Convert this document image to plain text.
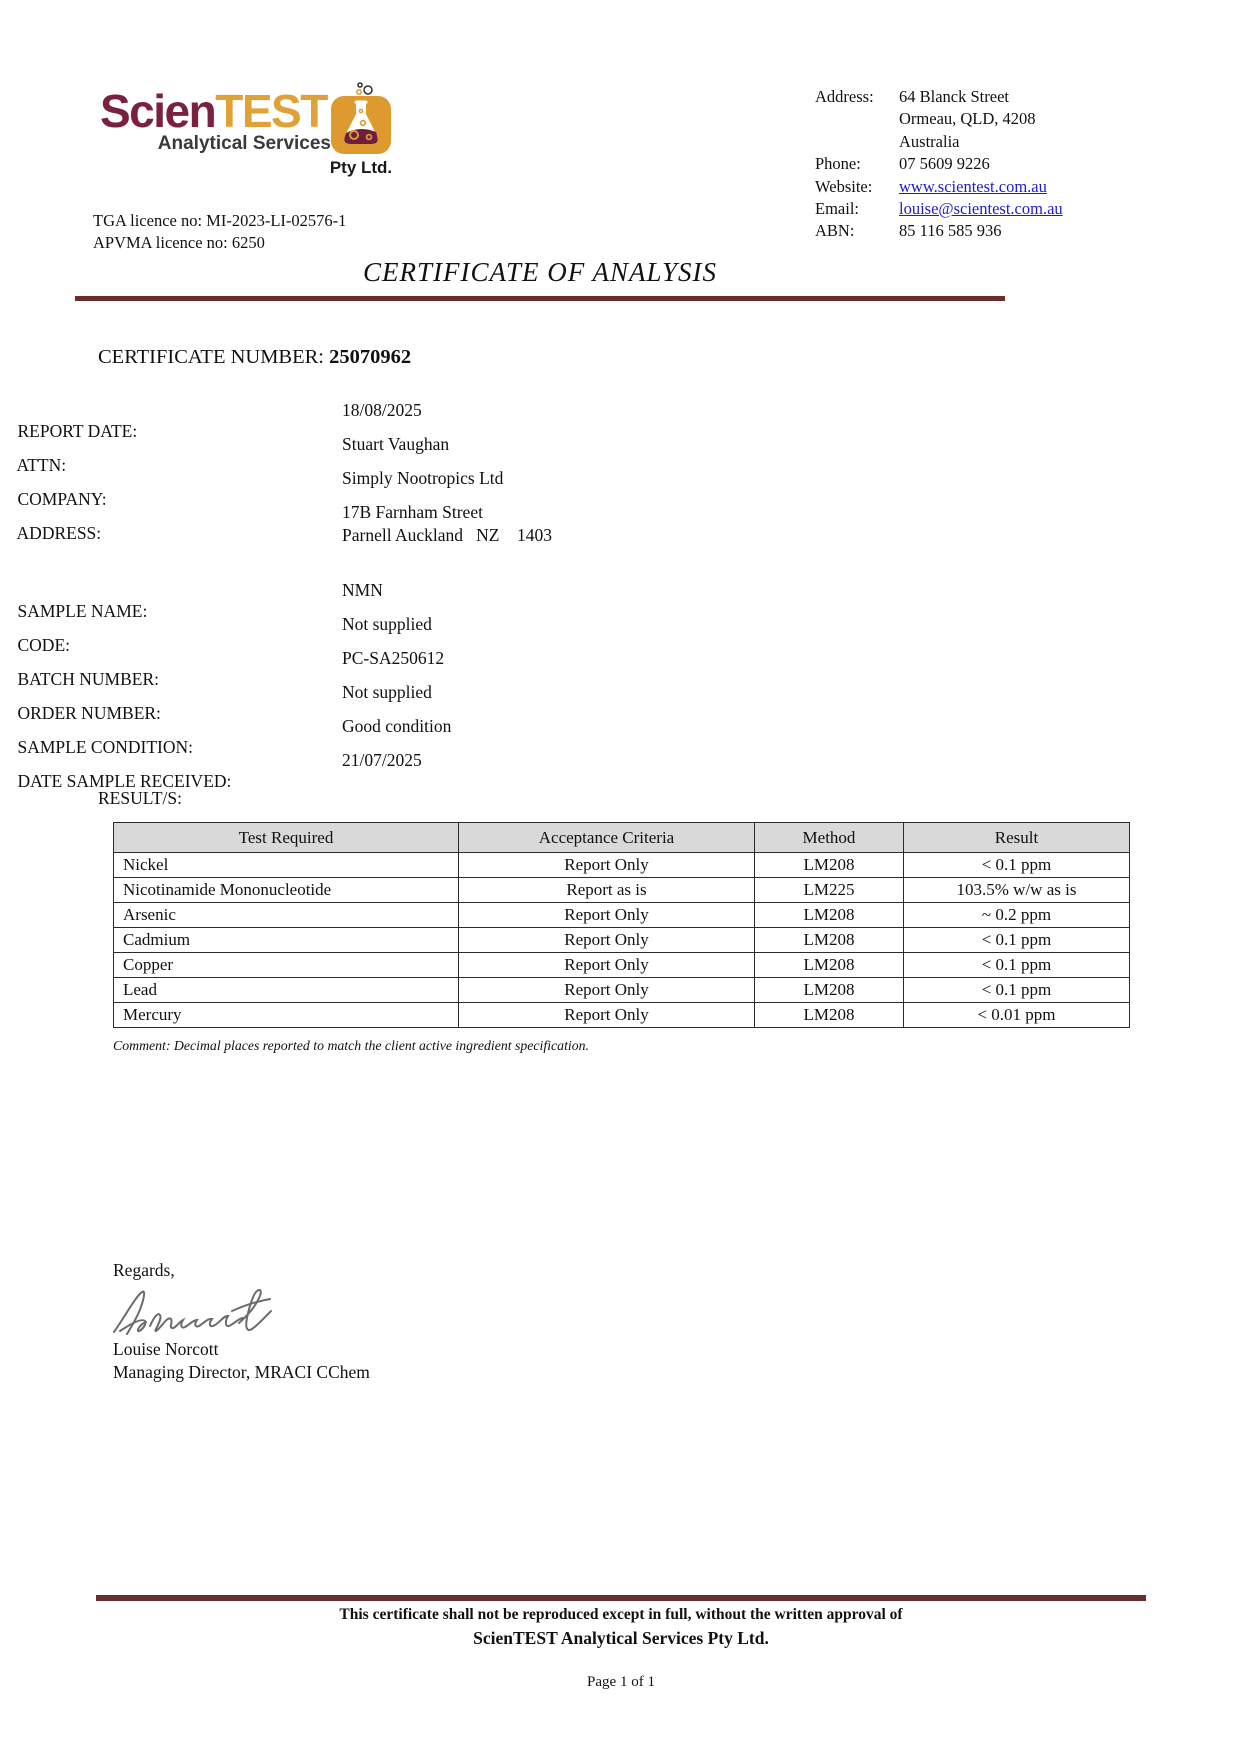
ScienTEST
Analytical Services
Pty Ltd.
Address:	64 Blanck Street
Ormeau, QLD, 4208
Australia
Phone:	07 5609 9226
Website:	www.scientest.com.au
Email:	louise@scientest.com.au
ABN:	85 116 585 936
TGA licence no: MI-2023-LI-02576-1
APVMA licence no: 6250
CERTIFICATE OF ANALYSIS
CERTIFICATE NUMBER: 25070962

REPORT DATE:

18/08/2025

ATTN:

Stuart Vaughan

COMPANY:

Simply Nootropics Ltd

ADDRESS:

17B Farnham Street

Parnell Auckland   NZ    1403

SAMPLE NAME:

NMN

CODE:

Not supplied

BATCH NUMBER:

PC-SA250612

ORDER NUMBER:

Not supplied

SAMPLE CONDITION:

Good condition

DATE SAMPLE RECEIVED:

21/07/2025

RESULT/S:
Test Required	Acceptance Criteria	Method	Result
Nickel	Report Only	LM208	< 0.1 ppm
Nicotinamide Mononucleotide	Report as is	LM225	103.5% w/w as is
Arsenic	Report Only	LM208	~ 0.2 ppm
Cadmium	Report Only	LM208	< 0.1 ppm
Copper	Report Only	LM208	< 0.1 ppm
Lead	Report Only	LM208	< 0.1 ppm
Mercury	Report Only	LM208	< 0.01 ppm
Comment: Decimal places reported to match the client active ingredient specification.
Regards,
Louise Norcott
Managing Director, MRACI CChem
This certificate shall not be reproduced except in full, without the written approval of
ScienTEST Analytical Services Pty Ltd.
Page 1 of 1
